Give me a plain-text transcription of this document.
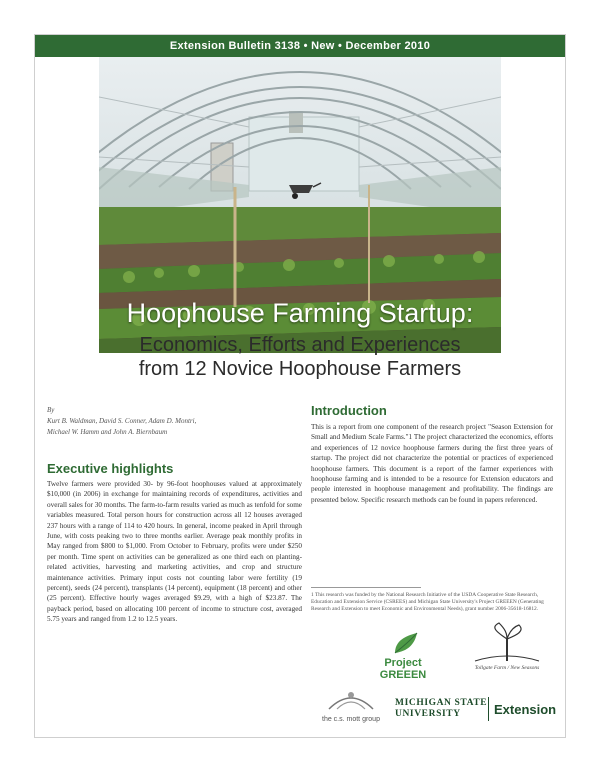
Extension Bulletin 3138 • New • December 2010
Hoophouse Farming Startup:
Economics, Efforts and Experiences
from 12 Novice Hoophouse Farmers
By
Kurt B. Waldman, David S. Conner, Adam D. Montri,
Michael W. Hamm and John A. Biernbaum
Executive highlights
Twelve farmers were provided 30- by 96-foot hoophouses valued at approximately $10,000 (in 2006) in exchange for maintaining records of expenditures, activities and overall sales for 30 months. The farm-to-farm results varied as much as tenfold for some variables measured. Total person hours for construction across all 12 houses averaged 237 hours with a range of 114 to 420 hours. In general, income peaked in April through June, with costs peaking two to three months earlier. Average peak monthly profits in May ranged from $800 to $1,000. From October to February, profits were under $250 per month. Time spent on activities can be generalized as one third each on planting-related activities, harvesting and marketing activities, and crop and structure maintenance activities. Primary input costs not counting labor were fertility (19 percent), seeds (24 percent), transplants (14 percent), equipment (18 percent) and other (25 percent). Effective hourly wages averaged $9.29, with a high of $23.87. The payback period, based on allocating 100 percent of income to structure cost, averaged 5.75 years and ranged from 1.2 to 12.5 years.
Introduction
This is a report from one component of the research project "Season Extension for Small and Medium Scale Farms."1 The project characterized the economics, efforts and experiences of 12 novice hoophouse farmers during the first three years of startup. The project did not characterize the potential or practices of experienced hoophouse farmers. This document is a report of the farmer experiences with hoophouse farming and is intended to be a resource for Extension educators and people interested in hoophouse management and profitability. The findings are presented below. Specific research methods can be found in papers referenced.
1 This research was funded by the National Research Initiative of the USDA Cooperative State Research, Education and Extension Service (CSREES) and Michigan State University's Project GREEEN (Generating Research and Extension to meet Economic and Environmental Needs), grant number 2006-35618-16812.
Project GREEEN
Tollgate Farm / New Seasons
the c.s. mott group
MICHIGAN STATE
UNIVERSITY	Extension
